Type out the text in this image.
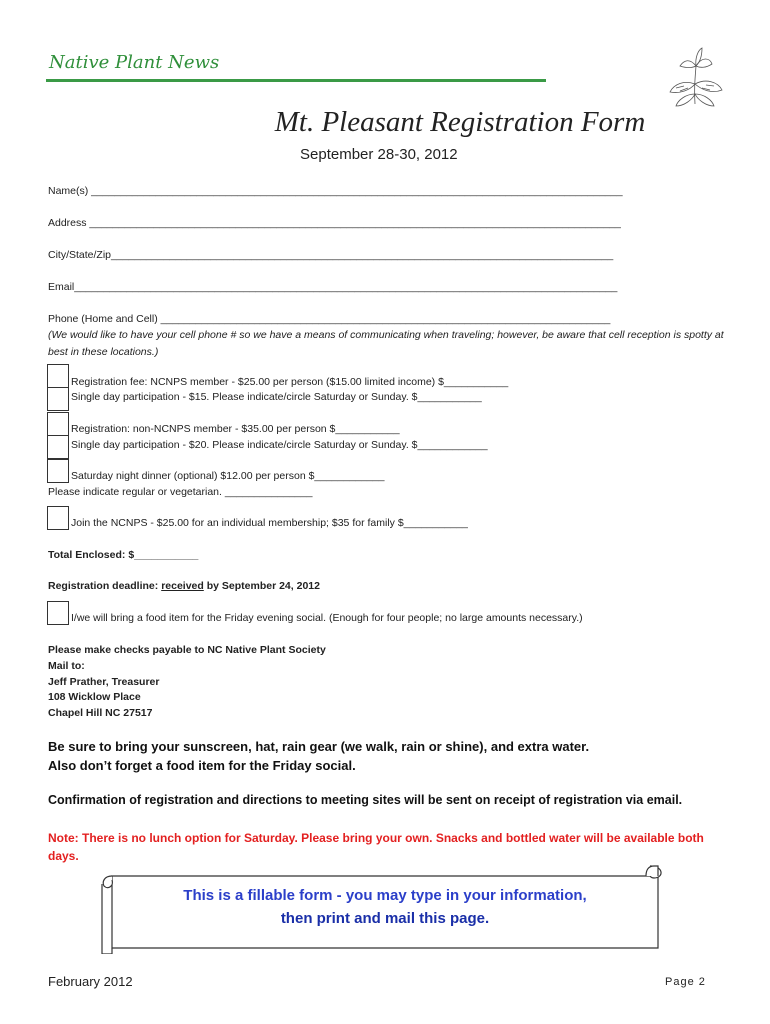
Native Plant News
Mt. Pleasant Registration Form
September 28-30, 2012
Name(s) ___________________________________________________________________________________________
Address ___________________________________________________________________________________________
City/State/Zip______________________________________________________________________________________
Email_____________________________________________________________________________________________
Phone (Home and Cell) _____________________________________________________________________________
(We would like to have your cell phone # so we have a means of communicating when traveling; however, be aware that cell reception is spotty at best in these locations.)
Registration fee: NCNPS member - $25.00 per person ($15.00 limited income) $___________
Single day participation - $15. Please indicate/circle Saturday or Sunday. $___________
Registration: non-NCNPS member - $35.00 per person $___________
Single day participation - $20. Please indicate/circle Saturday or Sunday. $____________
Saturday night dinner (optional) $12.00 per person $____________
Please indicate regular or vegetarian. _______________
Join the NCNPS - $25.00 for an individual membership; $35 for family $___________
Total Enclosed: $___________
Registration deadline: received by September 24, 2012
I/we will bring a food item for the Friday evening social. (Enough for four people; no large amounts necessary.)
Please make checks payable to NC Native Plant Society
Mail to:
Jeff Prather, Treasurer
108 Wicklow Place
Chapel Hill NC 27517
Be sure to bring your sunscreen, hat, rain gear (we walk, rain or shine), and extra water.
Also don’t forget a food item for the Friday social.
Confirmation of registration and directions to meeting sites will be sent on receipt of registration via email.
Note: There is no lunch option for Saturday. Please bring your own. Snacks and bottled water will be available both days.
This is a fillable form - you may type in your information,
then print and mail this page.
February 2012	Page 2
